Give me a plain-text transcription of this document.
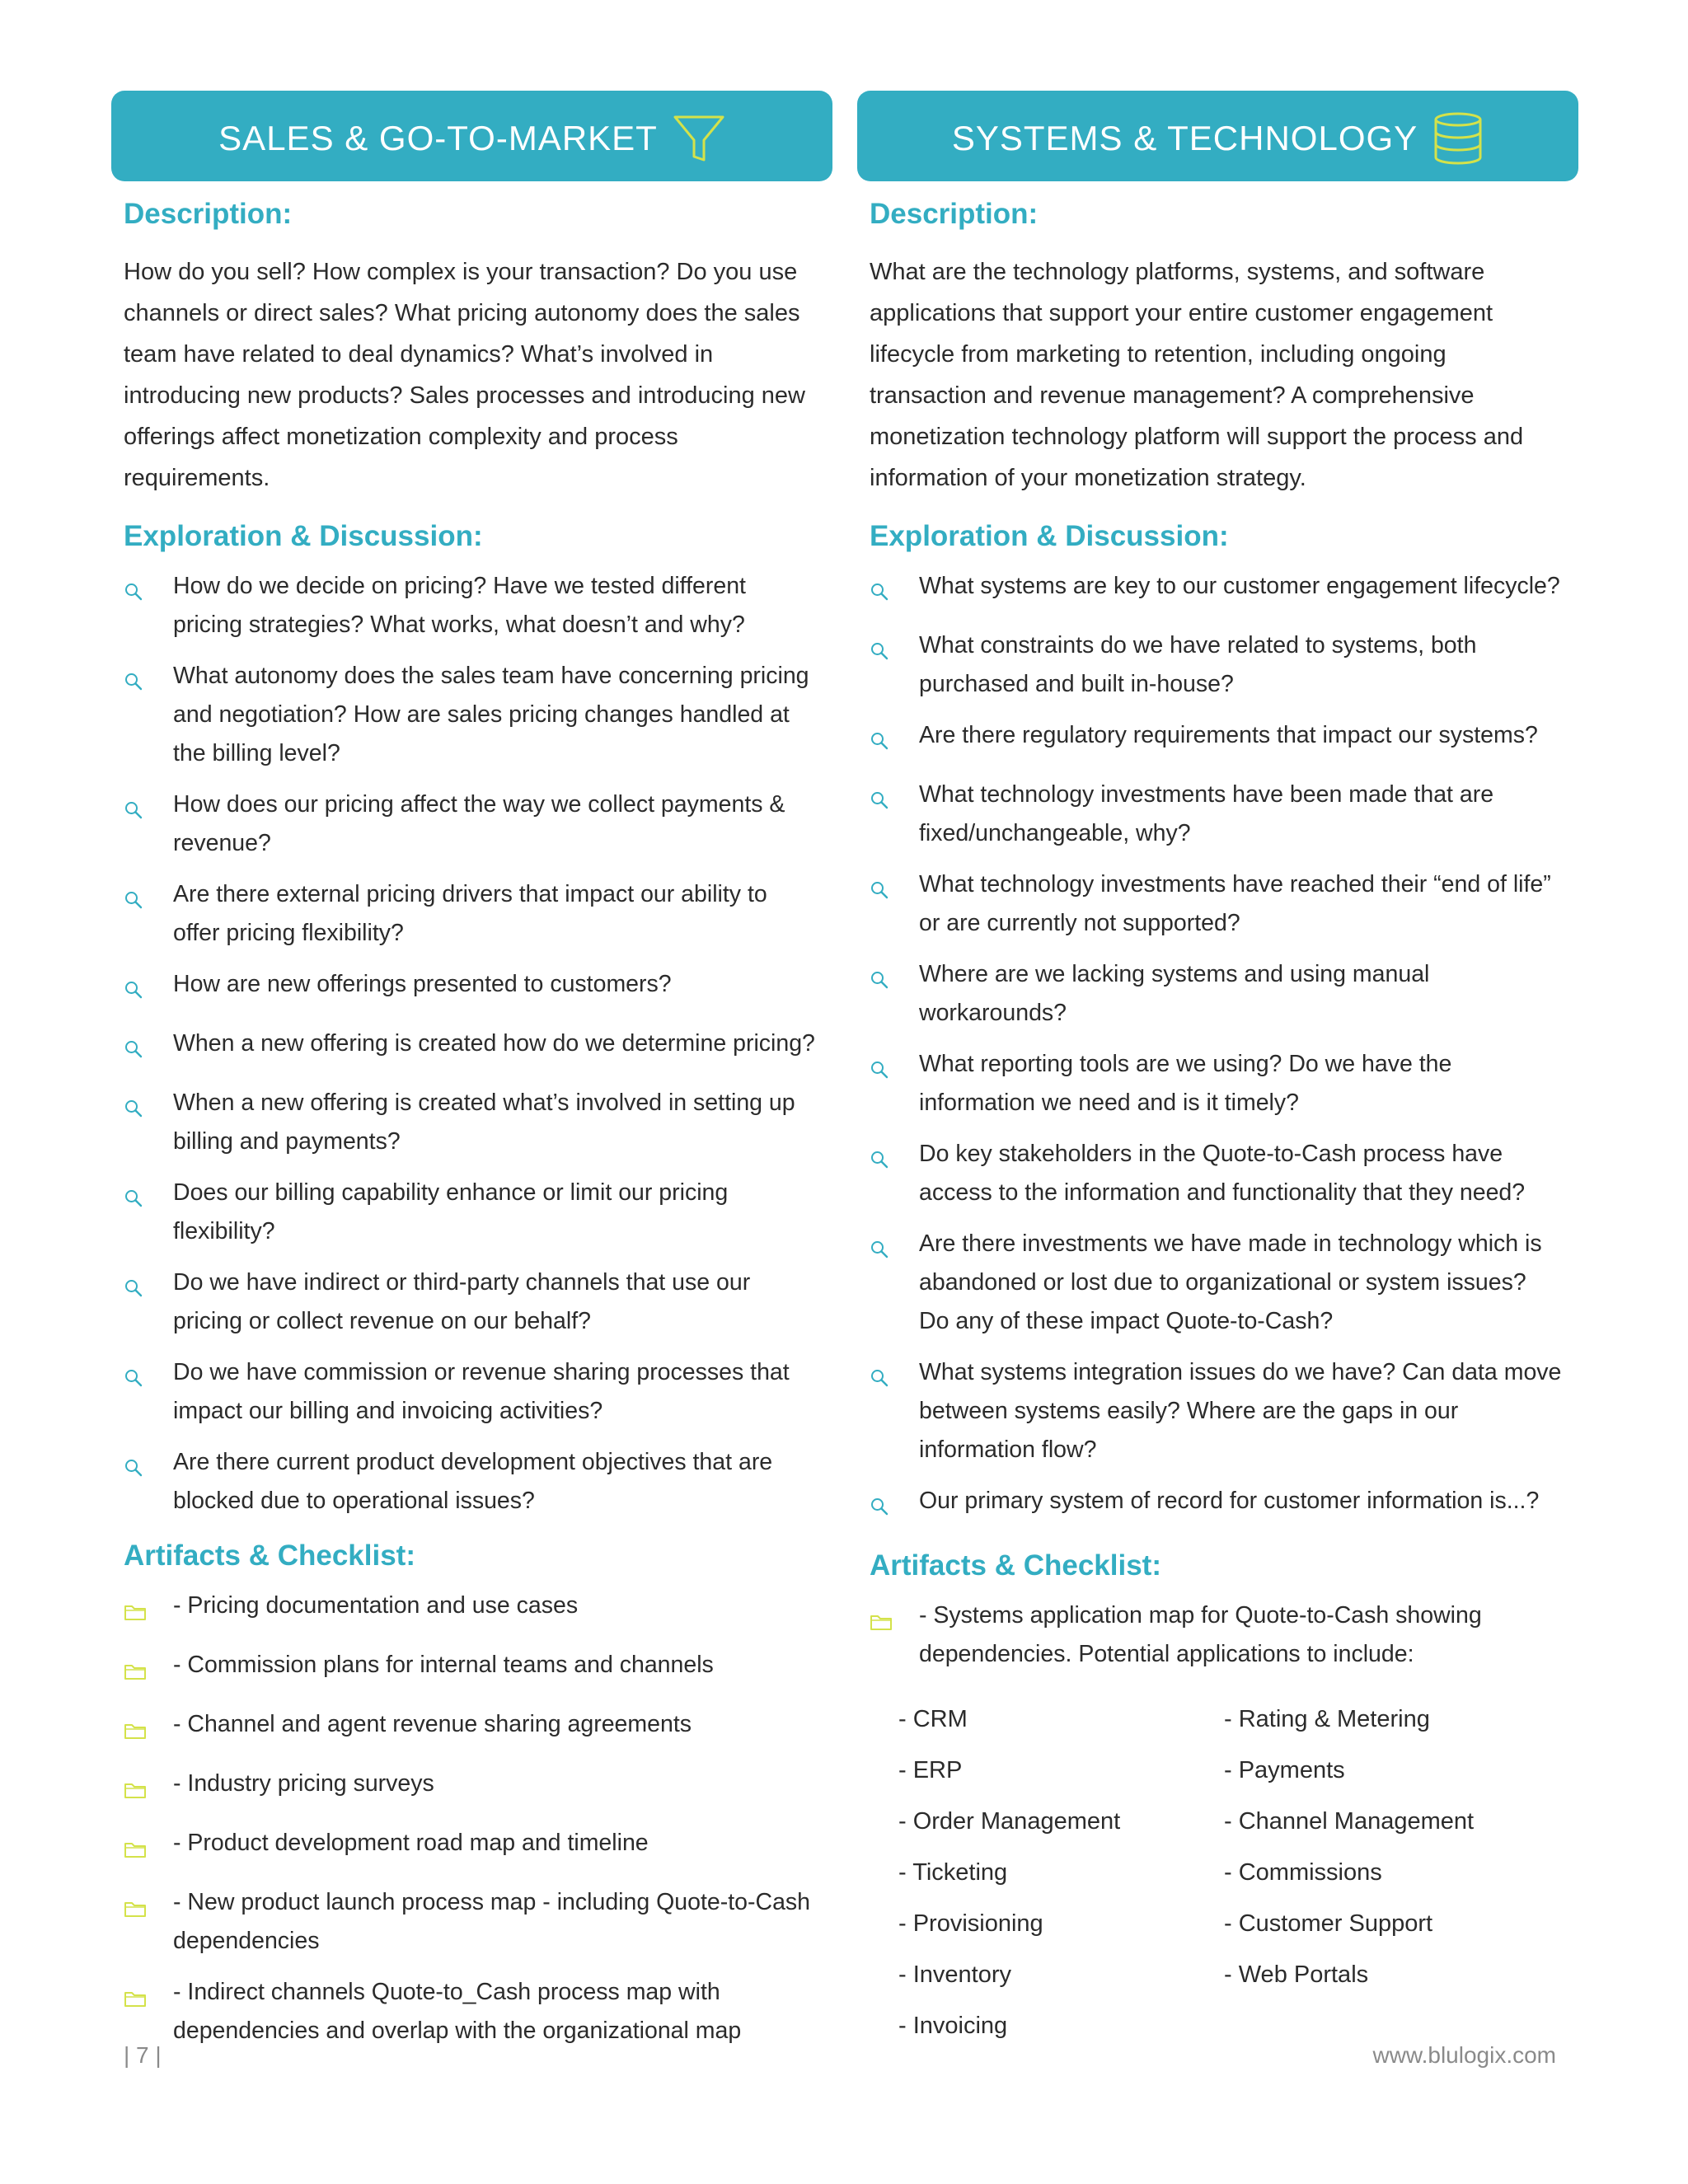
SALES & GO-TO-MARKET
Description:

How do you sell? How complex is your transaction? Do you use channels or direct sales? What pricing autonomy does the sales team have related to deal dynamics? What’s involved in introducing new products? Sales processes and introducing new offerings affect monetization complexity and process requirements.

Exploration & Discussion:
How do we decide on pricing? Have we tested different pricing strategies? What works, what doesn’t and why?
What autonomy does the sales team have concerning pricing and negotiation? How are sales pricing changes handled at the billing level?
How does our pricing affect the way we collect payments & revenue?
Are there external pricing drivers that impact our ability to offer pricing flexibility?
How are new offerings presented to customers?
When a new offering is created how do we determine pricing?
When a new offering is created what’s involved in setting up billing and payments?
Does our billing capability enhance or limit our pricing flexibility?
Do we have indirect or third-party channels that use our pricing or collect revenue on our behalf?
Do we have commission or revenue sharing processes that impact our billing and invoicing activities?
Are there current product development objectives that are blocked due to operational issues?
Artifacts & Checklist:
- Pricing documentation and use cases
- Commission plans for internal teams and channels
- Channel and agent revenue sharing agreements
- Industry pricing surveys
- Product development road map and timeline
- New product launch process map - including Quote-to-Cash dependencies
- Indirect channels Quote-to_Cash process map with dependencies and overlap with the organizational map
SYSTEMS & TECHNOLOGY
Description:

What are the technology platforms, systems, and software applications that support your entire customer engagement lifecycle from marketing to retention, including ongoing transaction and revenue management? A comprehensive monetization technology platform will support the process and information of your monetization strategy.

Exploration & Discussion:
What systems are key to our customer engagement lifecycle?
What constraints do we have related to systems, both purchased and built in-house?
Are there regulatory requirements that impact our systems?
What technology investments have been made that are fixed/unchangeable, why?
What technology investments have reached their “end of life” or are currently not supported?
Where are we lacking systems and using manual workarounds?
What reporting tools are we using? Do we have the information we need and is it timely?
Do key stakeholders in the Quote-to-Cash process have access to the information and functionality that they need?
Are there investments we have made in technology which is abandoned or lost due to organizational or system issues? Do any of these impact Quote-to-Cash?
What systems integration issues do we have? Can data move between systems easily? Where are the gaps in our information flow?
Our primary system of record for customer information is...?
Artifacts & Checklist:
- Systems application map for Quote-to-Cash showing dependencies. Potential applications to include:
- CRM
- ERP
- Order Management
- Ticketing
- Provisioning
- Inventory
- Invoicing
- Rating & Metering
- Payments
- Channel Management
- Commissions
- Customer Support
- Web Portals
| 7 |	www.blulogix.com
